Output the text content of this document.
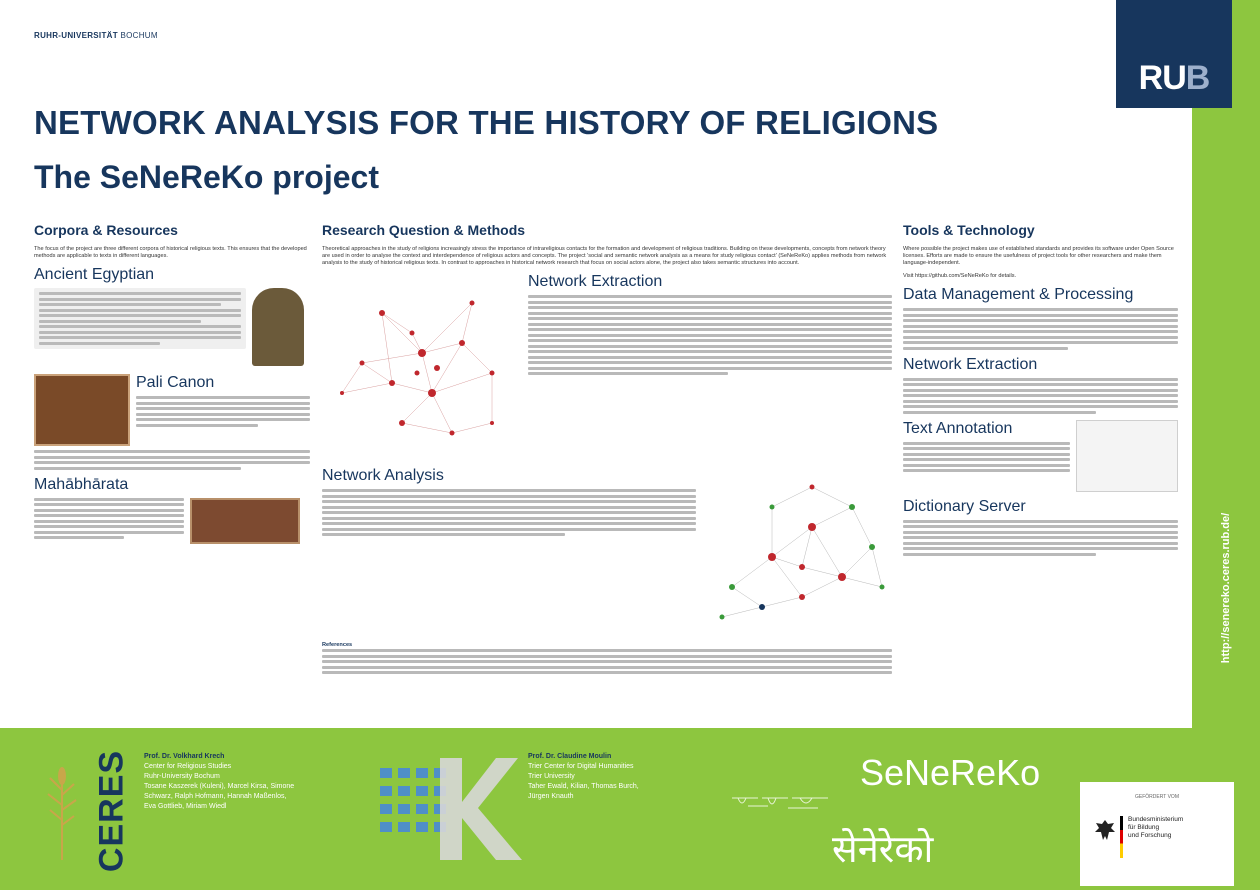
RUHR-UNIVERSITÄT BOCHUM
RU B
NETWORK ANALYSIS FOR THE HISTORY OF RELIGIONS
The SeNeReKo project
Corpora & Resources
The focus of the project are three different corpora of historical religious texts. This ensures that the developed methods are applicable to texts in different languages.
Ancient Egyptian
Pali Canon
Mahābhārata
Research Question & Methods
Theoretical approaches in the study of religions increasingly stress the importance of intrareligious contacts for the formation and development of religious traditions. Building on these developments, concepts from network theory are used in order to analyse the context and interdependence of religious actors and concepts. The project 'social and semantic network analysis as a means for study religious contact' (SeNeReKo) applies methods from network analysis to the study of historical religious texts. In contrast to approaches in historical network research that focus on social actors alone, the project also takes semantic structures into account.
Network Extraction
Network Analysis
References
Tools & Technology
Where possible the project makes use of established standards and provides its software under Open Source licenses. Efforts are made to ensure the usefulness of project tools for other researchers and make them language-independent.
Visit https://github.com/SeNeReKo for details.
Data Management & Processing
Network Extraction
Text Annotation
Dictionary Server
http://senereko.ceres.rub.de/
CERES Prof. Dr. Volkhard Krech
Center for Religious Studies
Ruhr-University Bochum
Tosane Kaszerek (Kuleni), Marcel Kirsa, Simone
Schwarz, Ralph Hofmann, Hannah Maßenlos,
Eva Gottlieb, Miriam Wiedl
Prof. Dr. Claudine Moulin
Trier Center for Digital Humanities
Trier University
Taher Ewald, Kilian, Thomas Burch,
Jürgen Knauth
SeNeReKo
सेनेरेको
GEFÖRDERT VOM
Bundesministerium
für Bildung
und Forschung
